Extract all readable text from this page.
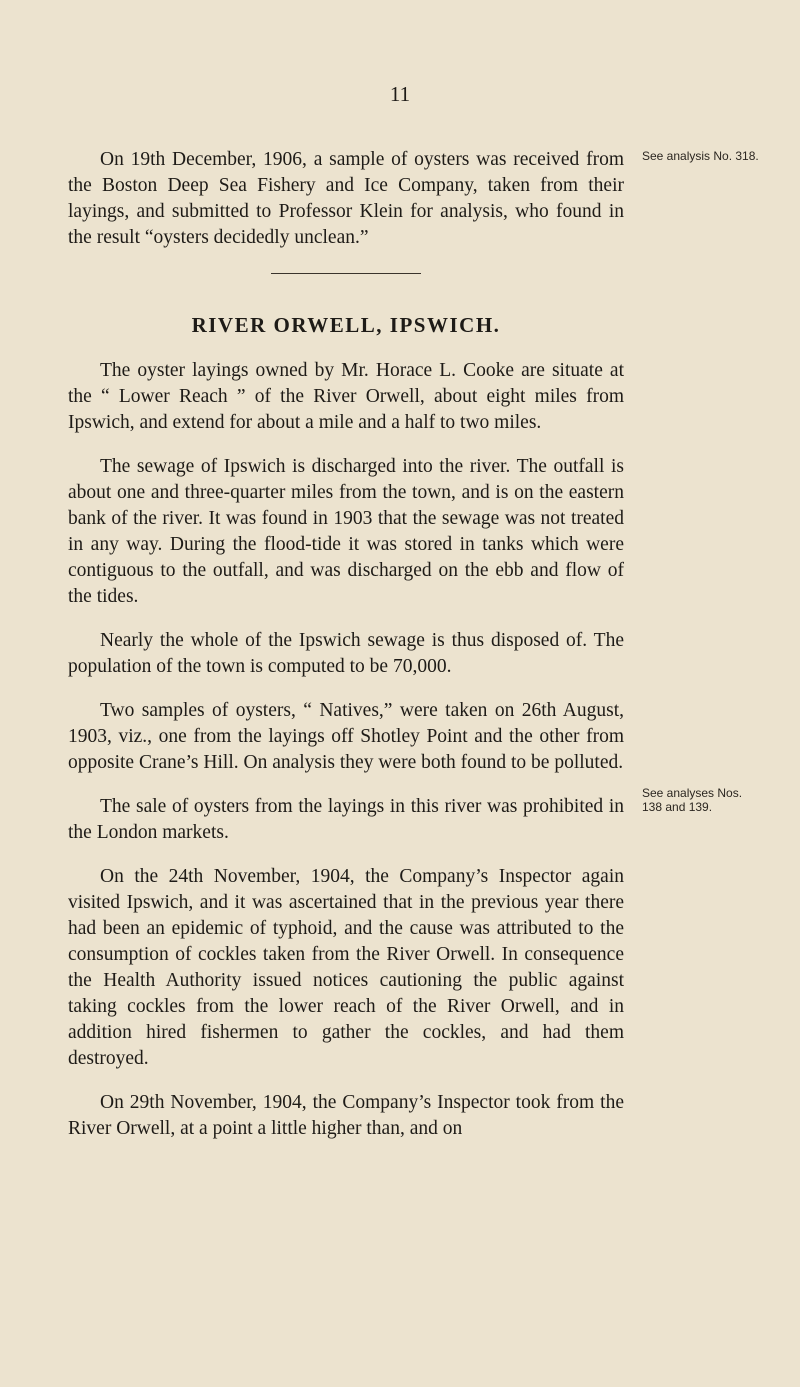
11

On 19th December, 1906, a sample of oysters was received from the Boston Deep Sea Fishery and Ice Company, taken from their layings, and submitted to Professor Klein for analysis, who found in the result “oysters decidedly unclean.”

RIVER ORWELL, IPSWICH.

The oyster layings owned by Mr. Horace L. Cooke are situate at the “ Lower Reach ” of the River Orwell, about eight miles from Ipswich, and extend for about a mile and a half to two miles.

The sewage of Ipswich is discharged into the river. The outfall is about one and three-quarter miles from the town, and is on the eastern bank of the river. It was found in 1903 that the sewage was not treated in any way. During the flood-tide it was stored in tanks which were contiguous to the outfall, and was discharged on the ebb and flow of the tides.

Nearly the whole of the Ipswich sewage is thus disposed of. The population of the town is computed to be 70,000.

Two samples of oysters, “ Natives,” were taken on 26th August, 1903, viz., one from the layings off Shotley Point and the other from opposite Crane’s Hill. On analysis they were both found to be polluted.

The sale of oysters from the layings in this river was prohibited in the London markets.

On the 24th November, 1904, the Company’s Inspector again visited Ipswich, and it was ascertained that in the previous year there had been an epidemic of typhoid, and the cause was attributed to the consumption of cockles taken from the River Orwell. In consequence the Health Authority issued notices cautioning the public against taking cockles from the lower reach of the River Orwell, and in addition hired fishermen to gather the cockles, and had them destroyed.

On 29th November, 1904, the Company’s Inspector took from the River Orwell, at a point a little higher than, and on

See analysis No. 318.
See analyses Nos. 138 and 139.
